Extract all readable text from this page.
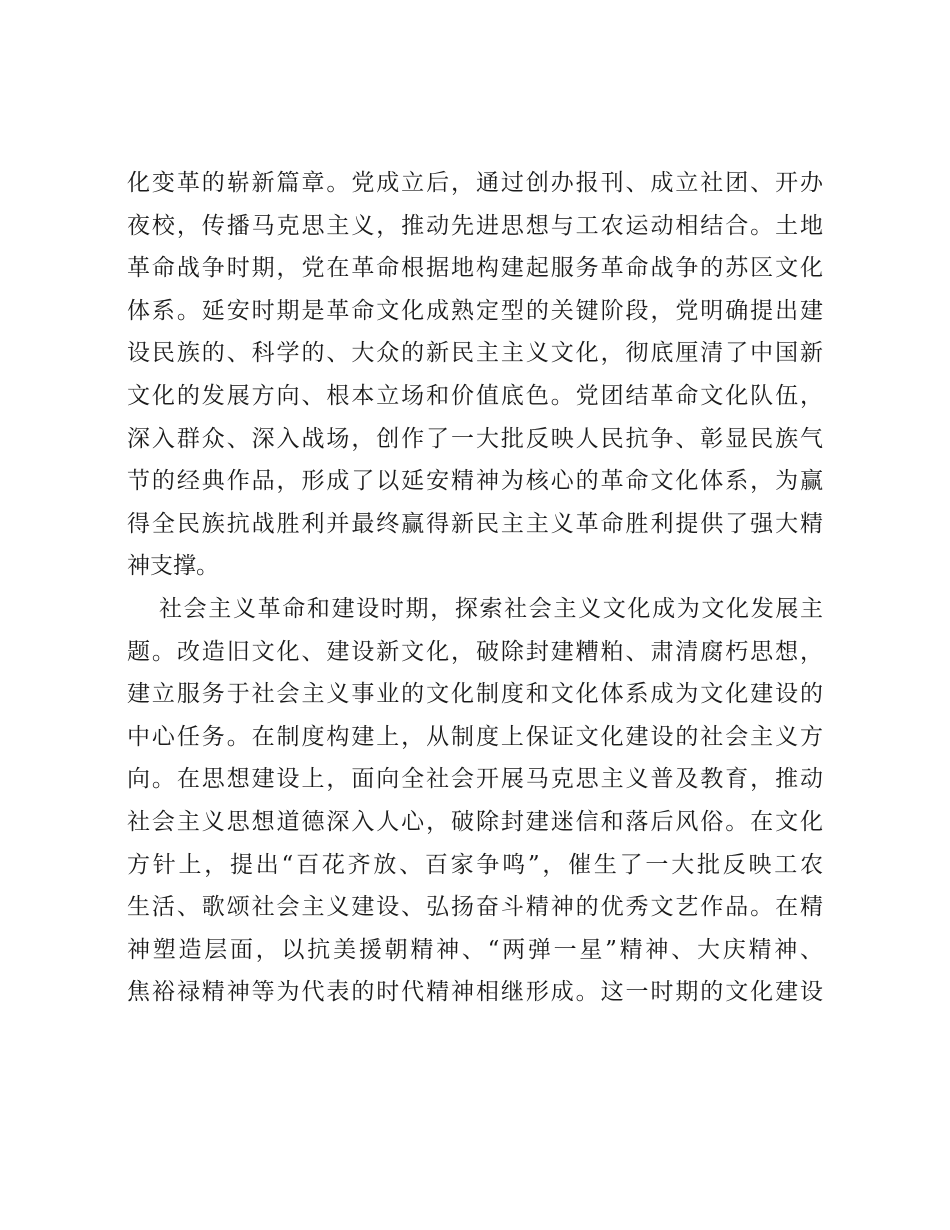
化变革的崭新篇章。党成立后，通过创办报刊、成立社团、开办
夜校，传播马克思主义，推动先进思想与工农运动相结合。土地
革命战争时期，党在革命根据地构建起服务革命战争的苏区文化
体系。延安时期是革命文化成熟定型的关键阶段，党明确提出建
设民族的、科学的、大众的新民主主义文化，彻底厘清了中国新
文化的发展方向、根本立场和价值底色。党团结革命文化队伍，
深入群众、深入战场，创作了一大批反映人民抗争、彰显民族气
节的经典作品，形成了以延安精神为核心的革命文化体系，为赢
得全民族抗战胜利并最终赢得新民主主义革命胜利提供了强大精
神支撑。
社会主义革命和建设时期，探索社会主义文化成为文化发展主
题。改造旧文化、建设新文化，破除封建糟粕、肃清腐朽思想，
建立服务于社会主义事业的文化制度和文化体系成为文化建设的
中心任务。在制度构建上，从制度上保证文化建设的社会主义方
向。在思想建设上，面向全社会开展马克思主义普及教育，推动
社会主义思想道德深入人心，破除封建迷信和落后风俗。在文化
方针上，提出“百花齐放、百家争鸣”，催生了一大批反映工农
生活、歌颂社会主义建设、弘扬奋斗精神的优秀文艺作品。在精
神塑造层面，以抗美援朝精神、“两弹一星”精神、大庆精神、
焦裕禄精神等为代表的时代精神相继形成。这一时期的文化建设
